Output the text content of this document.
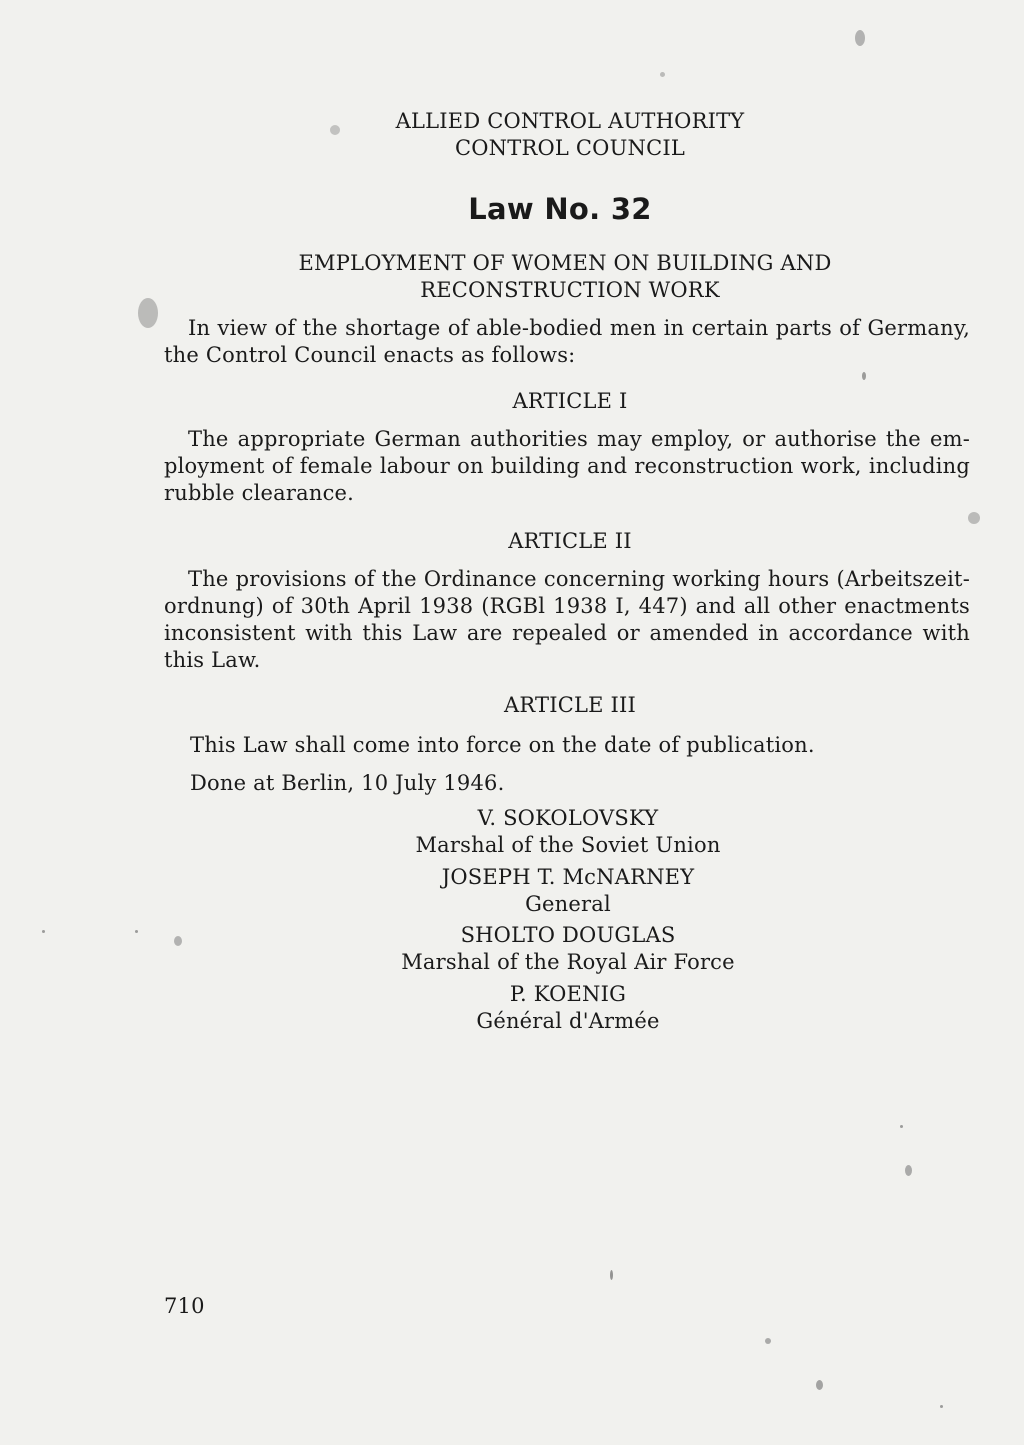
ALLIED CONTROL AUTHORITY
CONTROL COUNCIL
Law No. 32
EMPLOYMENT OF WOMEN ON BUILDING AND
RECONSTRUCTION WORK
In view of the shortage of able-bodied men in certain parts of Germany,
the Control Council enacts as follows:
ARTICLE I
The appropriate German authorities may employ, or authorise the em-
ployment of female labour on building and reconstruction work, including
rubble clearance.
ARTICLE II
The provisions of the Ordinance concerning working hours (Arbeitszeit-
ordnung) of 30th April 1938 (RGBl 1938 I, 447) and all other enactments
inconsistent with this Law are repealed or amended in accordance with
this Law.
ARTICLE III
This Law shall come into force on the date of publication.
Done at Berlin, 10 July 1946.
V. SOKOLOVSKY
Marshal of the Soviet Union
JOSEPH T. McNARNEY
General
SHOLTO DOUGLAS
Marshal of the Royal Air Force
P. KOENIG
Général d'Armée
710
